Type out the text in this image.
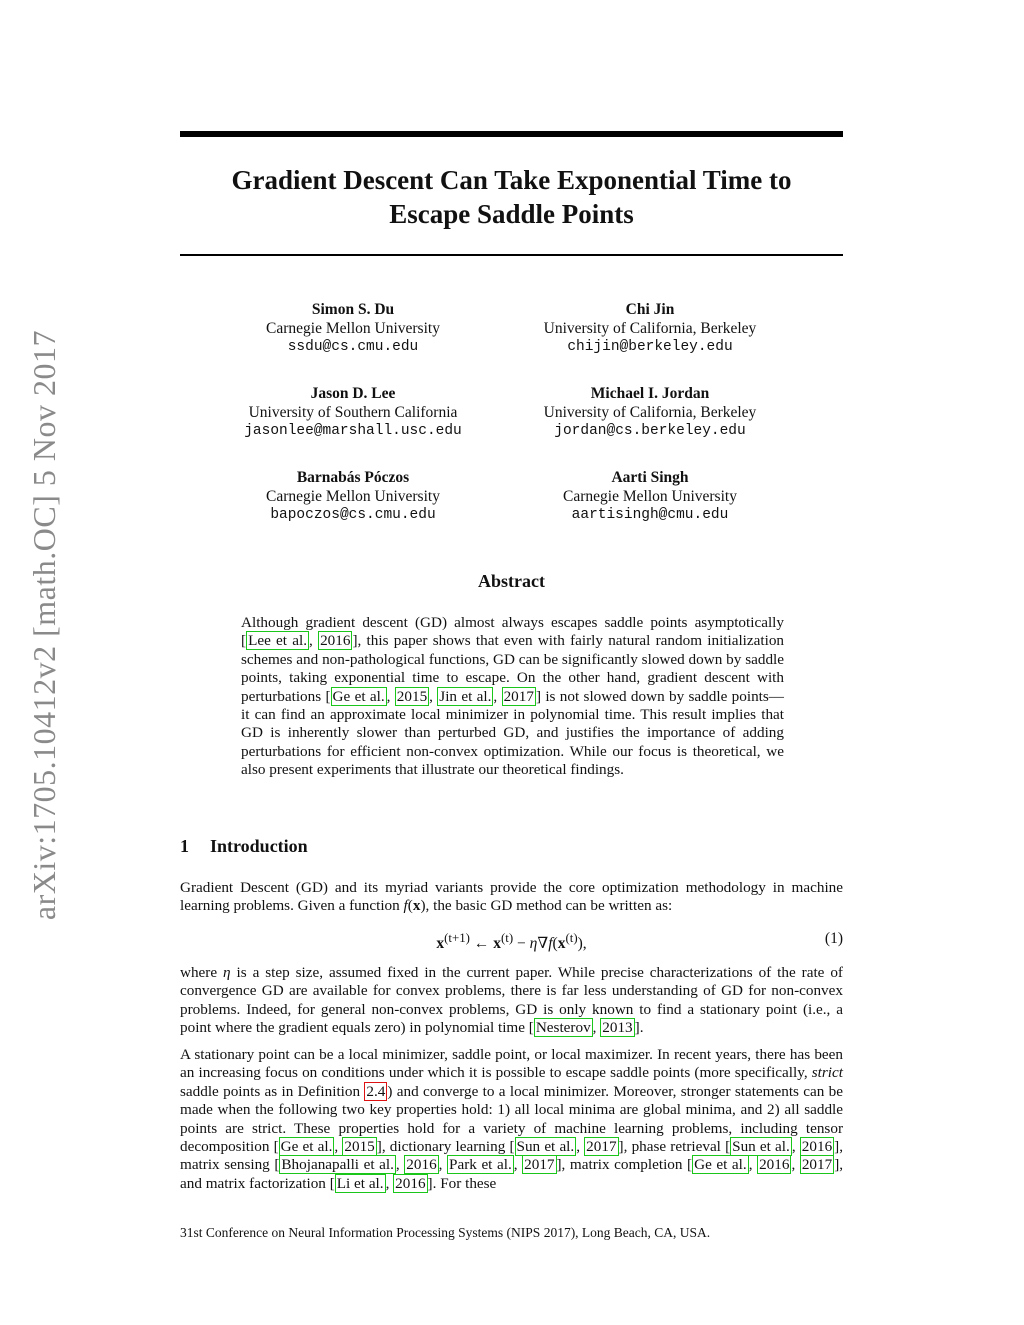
arXiv:1705.10412v2 [math.OC] 5 Nov 2017
Gradient Descent Can Take Exponential Time to
Escape Saddle Points
Simon S. Du
Carnegie Mellon University
ssdu@cs.cmu.edu
Chi Jin
University of California, Berkeley
chijin@berkeley.edu
Jason D. Lee
University of Southern California
jasonlee@marshall.usc.edu
Michael I. Jordan
University of California, Berkeley
jordan@cs.berkeley.edu
Barnabás Póczos
Carnegie Mellon University
bapoczos@cs.cmu.edu
Aarti Singh
Carnegie Mellon University
aartisingh@cmu.edu
Abstract
Although gradient descent (GD) almost always escapes saddle points asymptotically [ Lee et al. , 2016 ], this paper shows that even with fairly natural random initialization schemes and non-pathological functions, GD can be significantly slowed down by saddle points, taking exponential time to escape. On the other hand, gradient descent with perturbations [ Ge et al. , 2015 , Jin et al. , 2017 ] is not slowed down by saddle points—it can find an approximate local minimizer in polynomial time. This result implies that GD is inherently slower than perturbed GD, and justifies the importance of adding perturbations for efficient non-convex optimization. While our focus is theoretical, we also present experiments that illustrate our theoretical findings.
1 Introduction
Gradient Descent (GD) and its myriad variants provide the core optimization methodology in machine learning problems. Given a function f(x), the basic GD method can be written as:
$x^{(t+1)}$ ← $x^{(t)} - \eta\nabla f(x^{(t)})$,	(1)
where η is a step size, assumed fixed in the current paper. While precise characterizations of the rate of convergence GD are available for convex problems, there is far less understanding of GD for non-convex problems. Indeed, for general non-convex problems, GD is only known to find a stationary point (i.e., a point where the gradient equals zero) in polynomial time [ Nesterov , 2013 ].
A stationary point can be a local minimizer, saddle point, or local maximizer. In recent years, there has been an increasing focus on conditions under which it is possible to escape saddle points (more specifically, strict saddle points as in Definition 2.4 ) and converge to a local minimizer. Moreover, stronger statements can be made when the following two key properties hold: 1) all local minima are global minima, and 2) all saddle points are strict. These properties hold for a variety of machine learning problems, including tensor decomposition [ Ge et al. , 2015 ], dictionary learning [ Sun et al. , 2017 ], phase retrieval [ Sun et al. , 2016 ], matrix sensing [ Bhojanapalli et al. , 2016 , Park et al. , 2017 ], matrix completion [ Ge et al. , 2016 , 2017 ], and matrix factorization [ Li et al. , 2016 ]. For these
31st Conference on Neural Information Processing Systems (NIPS 2017), Long Beach, CA, USA.
